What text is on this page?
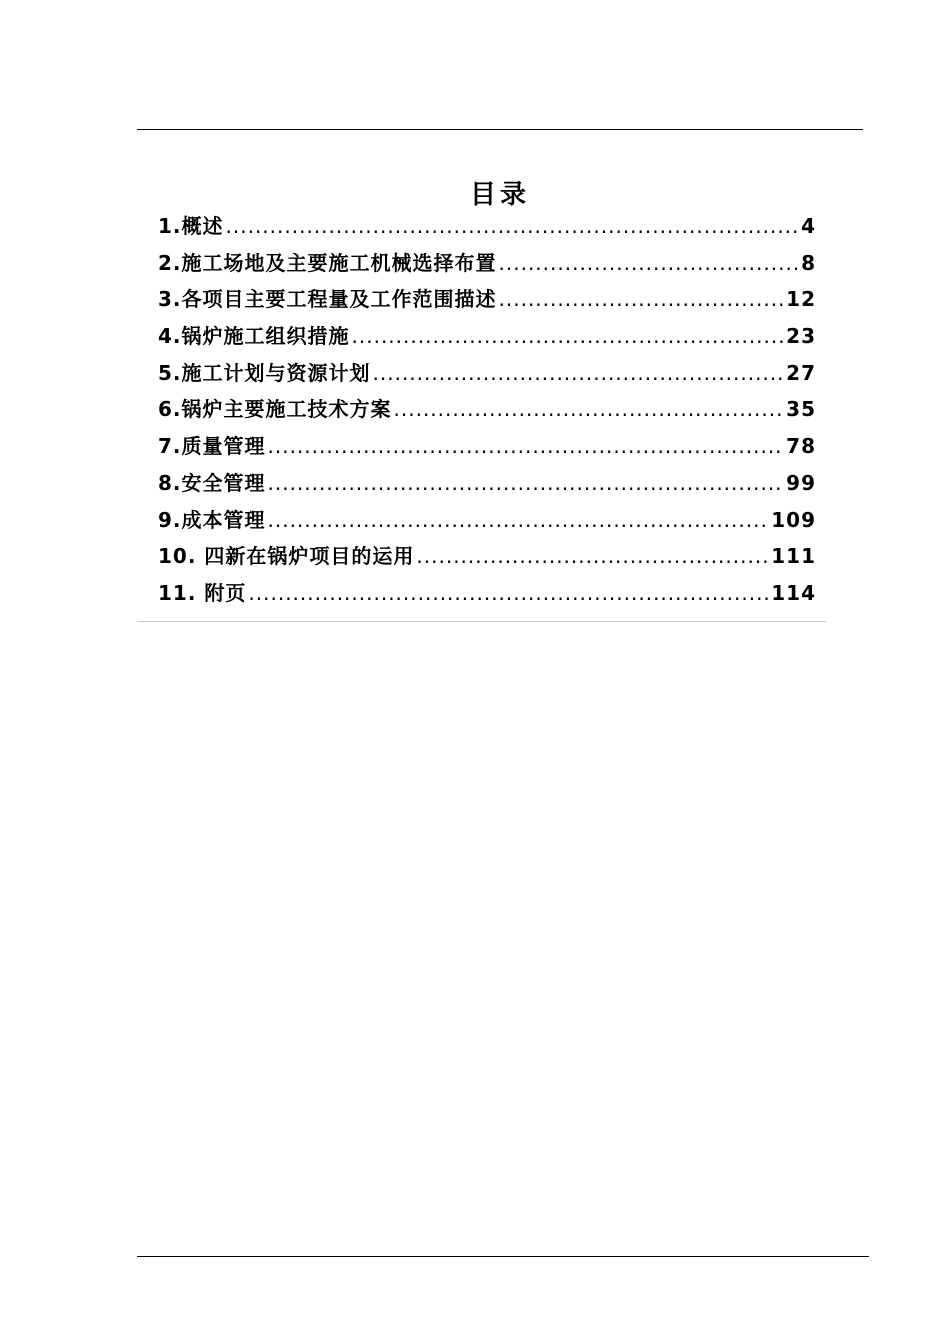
目录
1.概述 .....	4
2.施工场地及主要施工机械选择布置 .....	8
3.各项目主要工程量及工作范围描述 .....	12
4.锅炉施工组织措施 .....	23
5.施工计划与资源计划 .....	27
6.锅炉主要施工技术方案 .....	35
7.质量管理 .....	78
8.安全管理 .....	99
9.成本管理 .....	109
10. 四新在锅炉项目的运用 .....	111
11. 附页 .....	114
